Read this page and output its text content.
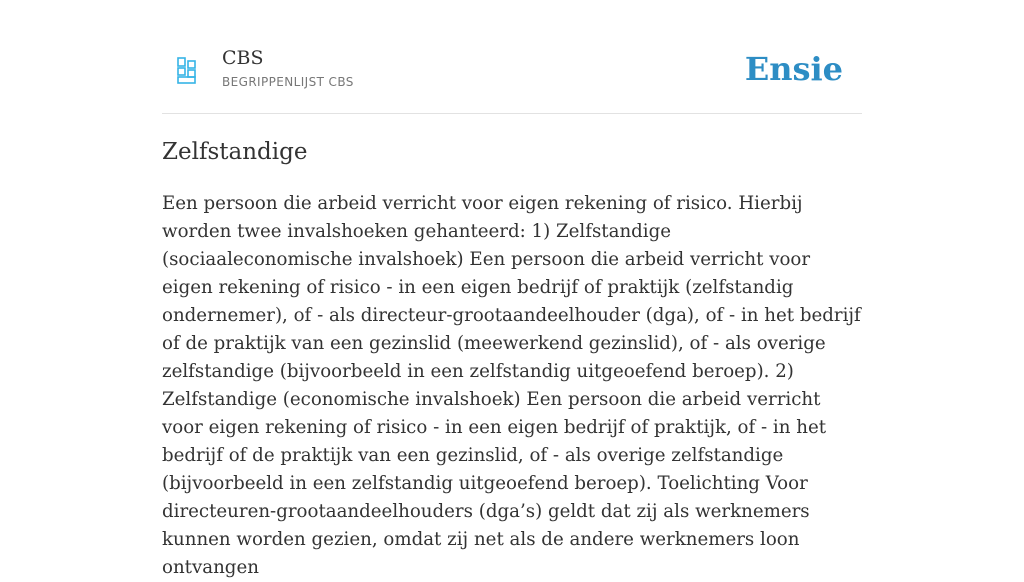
CBS
BEGRIPPENLIJST CBS	Ensie
Zelfstandige

Een persoon die arbeid verricht voor eigen rekening of risico. Hierbij worden twee invalshoeken gehanteerd: 1) Zelfstandige (sociaaleconomische invalshoek) Een persoon die arbeid verricht voor eigen rekening of risico - in een eigen bedrijf of praktijk (zelfstandig ondernemer), of - als directeur-grootaandeelhouder (dga), of - in het bedrijf of de praktijk van een gezinslid (meewerkend gezinslid), of - als overige zelfstandige (bijvoorbeeld in een zelfstandig uitgeoefend beroep). 2) Zelfstandige (economische invalshoek) Een persoon die arbeid verricht voor eigen rekening of risico - in een eigen bedrijf of praktijk, of - in het bedrijf of de praktijk van een gezinslid, of - als overige zelfstandige (bijvoorbeeld in een zelfstandig uitgeoefend beroep). Toelichting Voor directeuren-grootaandeelhouders (dga’s) geldt dat zij als werknemers kunnen worden gezien, omdat zij net als de andere werknemers loon ontvangen
